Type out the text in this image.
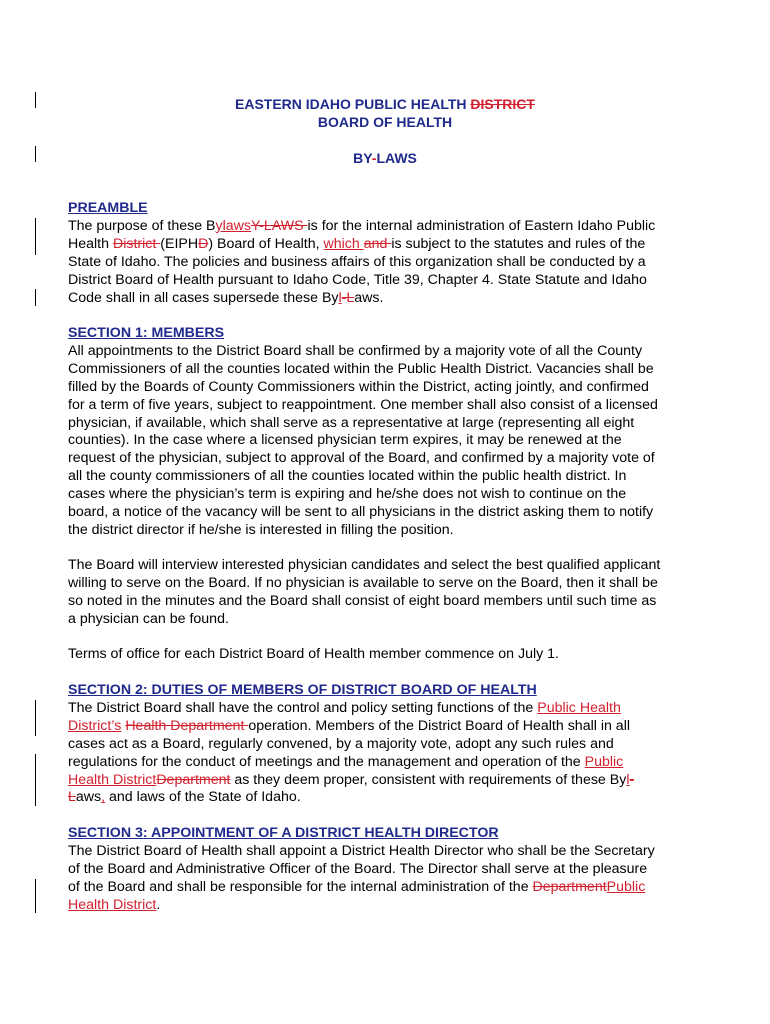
EASTERN IDAHO PUBLIC HEALTH DISTRICT
BOARD OF HEALTH
BY-LAWS

PREAMBLE

The purpose of these BylawsY-LAWS is for the internal administration of Eastern Idaho Public

Health District (EIPHD) Board of Health, which and is subject to the statutes and rules of the

State of Idaho. The policies and business affairs of this organization shall be conducted by a

District Board of Health pursuant to Idaho Code, Title 39, Chapter 4. State Statute and Idaho

Code shall in all cases supersede these Byl-Laws.

SECTION 1: MEMBERS

All appointments to the District Board shall be confirmed by a majority vote of all the County

Commissioners of all the counties located within the Public Health District. Vacancies shall be

filled by the Boards of County Commissioners within the District, acting jointly, and confirmed

for a term of five years, subject to reappointment. One member shall also consist of a licensed

physician, if available, which shall serve as a representative at large (representing all eight

counties). In the case where a licensed physician term expires, it may be renewed at the

request of the physician, subject to approval of the Board, and confirmed by a majority vote of

all the county commissioners of all the counties located within the public health district. In

cases where the physician’s term is expiring and he/she does not wish to continue on the

board, a notice of the vacancy will be sent to all physicians in the district asking them to notify

the district director if he/she is interested in filling the position.

The Board will interview interested physician candidates and select the best qualified applicant

willing to serve on the Board. If no physician is available to serve on the Board, then it shall be

so noted in the minutes and the Board shall consist of eight board members until such time as

a physician can be found.

Terms of office for each District Board of Health member commence on July 1.

SECTION 2: DUTIES OF MEMBERS OF DISTRICT BOARD OF HEALTH

The District Board shall have the control and policy setting functions of the Public Health

District’s Health Department operation. Members of the District Board of Health shall in all

cases act as a Board, regularly convened, by a majority vote, adopt any such rules and

regulations for the conduct of meetings and the management and operation of the Public

Health DistrictDepartment as they deem proper, consistent with requirements of these Byl-

Laws, and laws of the State of Idaho.

SECTION 3: APPOINTMENT OF A DISTRICT HEALTH DIRECTOR

The District Board of Health shall appoint a District Health Director who shall be the Secretary

of the Board and Administrative Officer of the Board. The Director shall serve at the pleasure

of the Board and shall be responsible for the internal administration of the DepartmentPublic

Health District.
